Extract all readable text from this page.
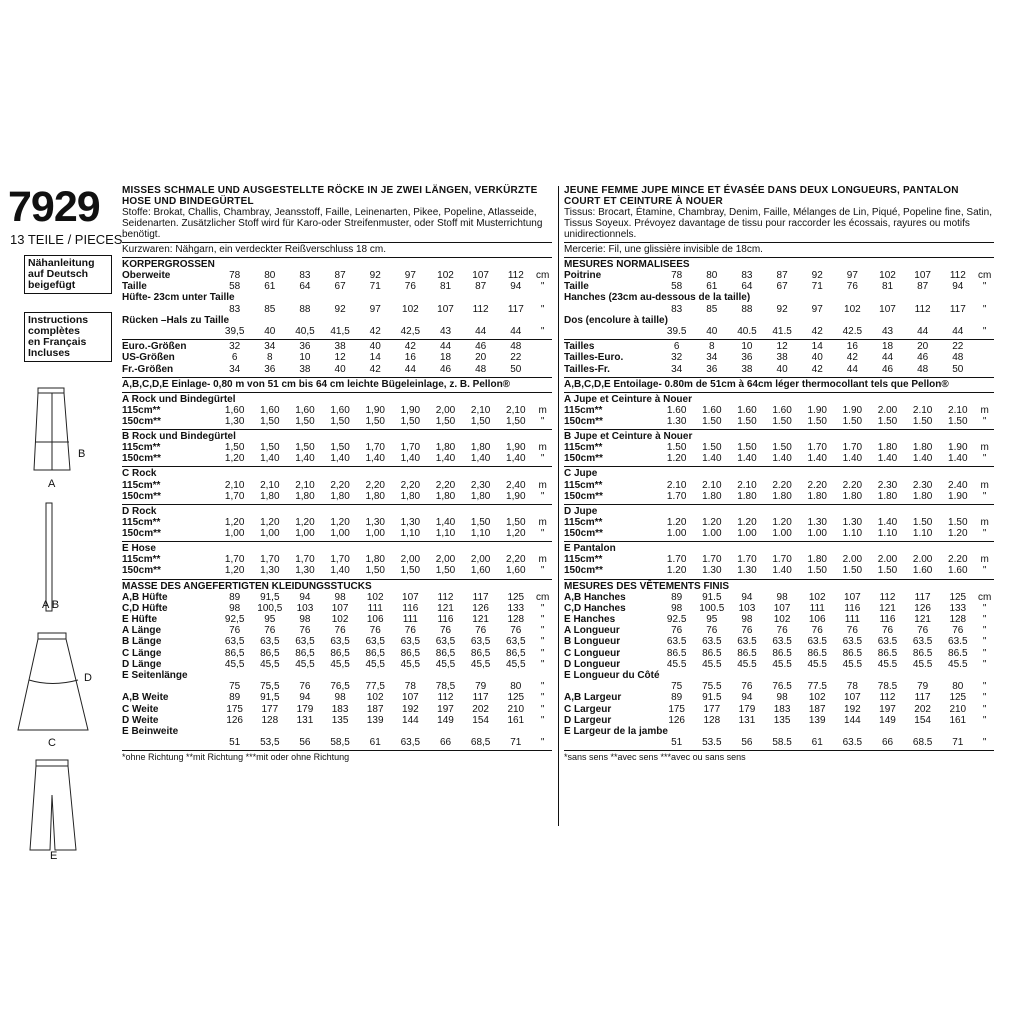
7929
13 TEILE / PIECES
Nähanleitung
auf Deutsch
beigefügt
Instructions
complètes
en Français
Incluses
B
A
A B
D
C
E
MISSES SCHMALE UND AUSGESTELLTE RÖCKE IN JE ZWEI LÄNGEN, VERKÜRZTE HOSE UND BINDEGÜRTEL
Stoffe: Brokat, Challis, Chambray, Jeansstoff, Faille, Leinenarten, Pikee, Popeline, Atlasseide, Seidenarten. Zusätzlicher Stoff wird für Karo-oder Streifenmuster, oder Stoff mit Musterrichtung benötigt.
Kurzwaren: Nähgarn, ein verdeckter Reißverschluss 18 cm.
KORPERGROSSEN
Oberweite	78	80	83	87	92	97	102	107	112	cm
Taille	58	61	64	67	71	76	81	87	94	"
Hüfte- 23cm unter Taille										
	83	85	88	92	97	102	107	112	117	"
Rücken –Hals zu Taille										
	39,5	40	40,5	41,5	42	42,5	43	44	44	"
Euro.-Größen	32	34	36	38	40	42	44	46	48	
US-Größen	6	8	10	12	14	16	18	20	22	
Fr.-Größen	34	36	38	40	42	44	46	48	50	
A,B,C,D,E Einlage- 0,80 m von 51 cm bis 64 cm leichte Bügeleinlage, z. B. Pellon®
A Rock und Bindegürtel
115cm**	1,60	1,60	1,60	1,60	1,90	1,90	2,00	2,10	2,10	m
150cm**	1,30	1,50	1,50	1,50	1,50	1,50	1,50	1,50	1,50	"
B Rock und Bindegürtel
115cm**	1,50	1,50	1,50	1,50	1,70	1,70	1,80	1,80	1,90	m
150cm**	1,20	1,40	1,40	1,40	1,40	1,40	1,40	1,40	1,40	"
C Rock
115cm**	2,10	2,10	2,10	2,20	2,20	2,20	2,20	2,30	2,40	m
150cm**	1,70	1,80	1,80	1,80	1,80	1,80	1,80	1,80	1,90	"
D Rock
115cm**	1,20	1,20	1,20	1,20	1,30	1,30	1,40	1,50	1,50	m
150cm**	1,00	1,00	1,00	1,00	1,00	1,10	1,10	1,10	1,20	"
E Hose
115cm**	1,70	1,70	1,70	1,70	1,80	2,00	2,00	2,00	2,20	m
150cm**	1,20	1,30	1,30	1,40	1,50	1,50	1,50	1,60	1,60	"
MASSE DES ANGEFERTIGTEN KLEIDUNGSSTUCKS
A,B Hüfte	89	91,5	94	98	102	107	112	117	125	cm
C,D Hüfte	98	100,5	103	107	111	116	121	126	133	"
E Hüfte	92,5	95	98	102	106	111	116	121	128	"
A Länge	76	76	76	76	76	76	76	76	76	"
B Länge	63,5	63,5	63,5	63,5	63,5	63,5	63,5	63,5	63,5	"
C Länge	86,5	86,5	86,5	86,5	86,5	86,5	86,5	86,5	86,5	"
D Länge	45,5	45,5	45,5	45,5	45,5	45,5	45,5	45,5	45,5	"
E Seitenlänge										
	75	75,5	76	76,5	77,5	78	78,5	79	80	"
A,B Weite	89	91,5	94	98	102	107	112	117	125	"
C Weite	175	177	179	183	187	192	197	202	210	"
D Weite	126	128	131	135	139	144	149	154	161	"
E Beinweite										
	51	53,5	56	58,5	61	63,5	66	68,5	71	"
*ohne Richtung **mit Richtung ***mit oder ohne Richtung
JEUNE FEMME JUPE MINCE ET ÉVASÉE DANS DEUX LONGUEURS, PANTALON COURT ET CEINTURE À NOUER
Tissus: Brocart, Étamine, Chambray, Denim, Faille, Mélanges de Lin, Piqué, Popeline fine, Satin, Tissus Soyeux. Prévoyez davantage de tissu pour raccorder les écossais, rayures ou motifs unidirectionnels.
Mercerie: Fil, une glissière invisible de 18cm.
MESURES NORMALISEES
Poitrine	78	80	83	87	92	97	102	107	112	cm
Taille	58	61	64	67	71	76	81	87	94	"
Hanches (23cm au-dessous de la taille)										
	83	85	88	92	97	102	107	112	117	"
Dos (encolure à taille)										
	39.5	40	40.5	41.5	42	42.5	43	44	44	"
Tailles	6	8	10	12	14	16	18	20	22	
Tailles-Euro.	32	34	36	38	40	42	44	46	48	
Tailles-Fr.	34	36	38	40	42	44	46	48	50	
A,B,C,D,E Entoilage- 0.80m de 51cm à 64cm léger thermocollant tels que Pellon®
A Jupe et Ceinture à Nouer
115cm**	1.60	1.60	1.60	1.60	1.90	1.90	2.00	2.10	2.10	m
150cm**	1.30	1.50	1.50	1.50	1.50	1.50	1.50	1.50	1.50	"
B Jupe et Ceinture à Nouer
115cm**	1.50	1.50	1.50	1.50	1.70	1.70	1.80	1.80	1.90	m
150cm**	1.20	1.40	1.40	1.40	1.40	1.40	1.40	1.40	1.40	"
C Jupe
115cm**	2.10	2.10	2.10	2.20	2.20	2.20	2.30	2.30	2.40	m
150cm**	1.70	1.80	1.80	1.80	1.80	1.80	1.80	1.80	1.90	"
D Jupe
115cm**	1.20	1.20	1.20	1.20	1.30	1.30	1.40	1.50	1.50	m
150cm**	1.00	1.00	1.00	1.00	1.00	1.10	1.10	1.10	1.20	"
E Pantalon
115cm**	1.70	1.70	1.70	1.70	1.80	2.00	2.00	2.00	2.20	m
150cm**	1.20	1.30	1.30	1.40	1.50	1.50	1.50	1.60	1.60	"
MESURES DES VÊTEMENTS FINIS
A,B Hanches	89	91.5	94	98	102	107	112	117	125	cm
C,D Hanches	98	100.5	103	107	111	116	121	126	133	"
E Hanches	92.5	95	98	102	106	111	116	121	128	"
A Longueur	76	76	76	76	76	76	76	76	76	"
B Longueur	63.5	63.5	63.5	63.5	63.5	63.5	63.5	63.5	63.5	"
C Longueur	86.5	86.5	86.5	86.5	86.5	86.5	86.5	86.5	86.5	"
D Longueur	45.5	45.5	45.5	45.5	45.5	45.5	45.5	45.5	45.5	"
E Longueur du Côté										
	75	75.5	76	76.5	77.5	78	78.5	79	80	"
A,B Largeur	89	91.5	94	98	102	107	112	117	125	"
C Largeur	175	177	179	183	187	192	197	202	210	"
D Largeur	126	128	131	135	139	144	149	154	161	"
E Largeur de la jambe										
	51	53.5	56	58.5	61	63.5	66	68.5	71	"
*sans sens **avec sens ***avec ou sans sens
